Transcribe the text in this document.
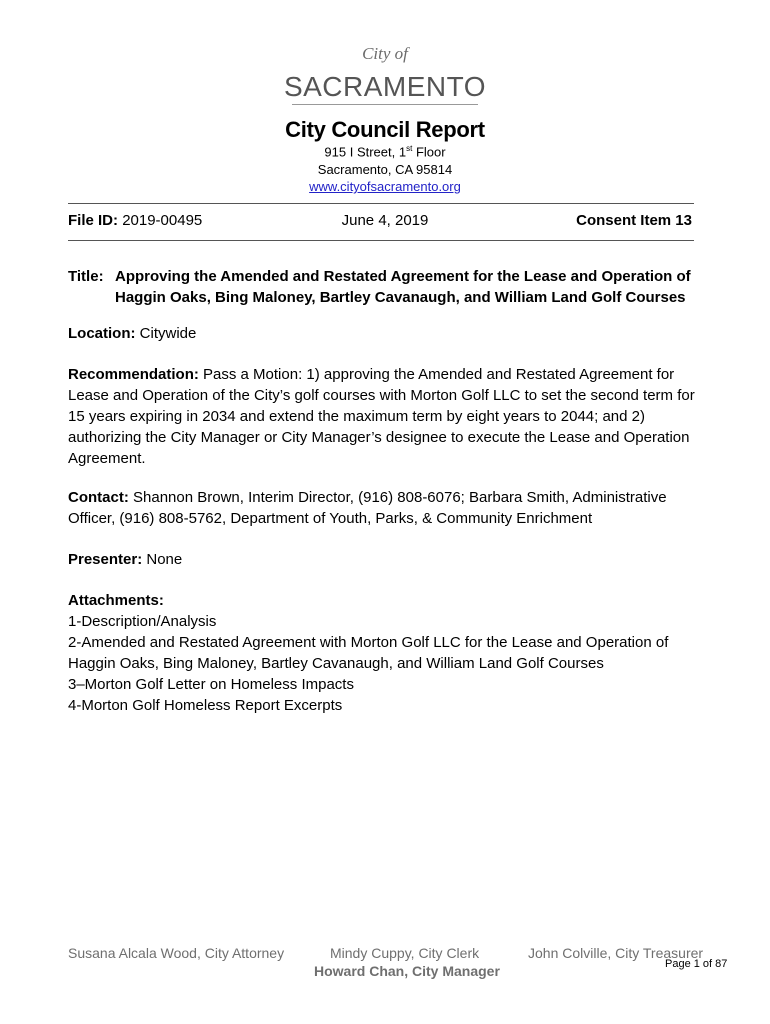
City of
SACRAMENTO
City Council Report
915 I Street, 1st Floor
Sacramento, CA 95814
www.cityofsacramento.org
File ID: 2019-00495	June 4, 2019	Consent Item 13
Title: Approving the Amended and Restated Agreement for the Lease and Operation of Haggin Oaks, Bing Maloney, Bartley Cavanaugh, and William Land Golf Courses
Location: Citywide
Recommendation: Pass a Motion: 1) approving the Amended and Restated Agreement for Lease and Operation of the City’s golf courses with Morton Golf LLC to set the second term for 15 years expiring in 2034 and extend the maximum term by eight years to 2044; and 2) authorizing the City Manager or City Manager’s designee to execute the Lease and Operation Agreement.
Contact: Shannon Brown, Interim Director, (916) 808-6076; Barbara Smith, Administrative Officer, (916) 808-5762, Department of Youth, Parks, & Community Enrichment
Presenter: None
Attachments:
1-Description/Analysis
2-Amended and Restated Agreement with Morton Golf LLC for the Lease and Operation of Haggin Oaks, Bing Maloney, Bartley Cavanaugh, and William Land Golf Courses
3–Morton Golf Letter on Homeless Impacts
4-Morton Golf Homeless Report Excerpts
Susana Alcala Wood, City Attorney	Mindy Cuppy, City Clerk	John Colville, City Treasurer
Howard Chan, City Manager	Page 1 of 87
